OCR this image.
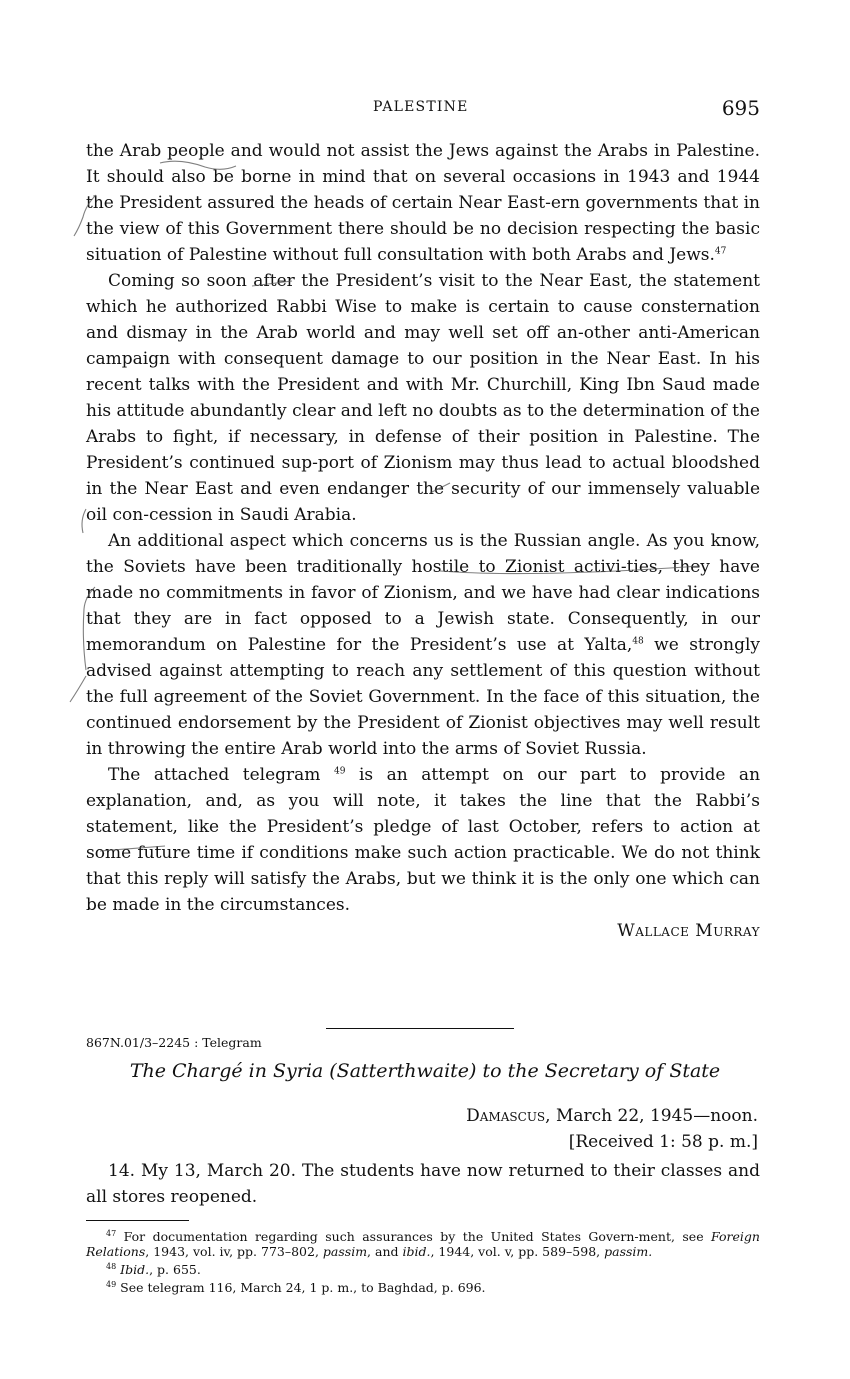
PALESTINE	695

the Arab people and would not assist the Jews against the Arabs in Palestine. It should also be borne in mind that on several occasions in 1943 and 1944 the President assured the heads of certain Near East-ern governments that in the view of this Government there should be no decision respecting the basic situation of Palestine without full consultation with both Arabs and Jews.$^{47}$

Coming so soon after the President’s visit to the Near East, the statement which he authorized Rabbi Wise to make is certain to cause consternation and dismay in the Arab world and may well set off an-other anti-American campaign with consequent damage to our position in the Near East. In his recent talks with the President and with Mr. Churchill, King Ibn Saud made his attitude abundantly clear and left no doubts as to the determination of the Arabs to fight, if necessary, in defense of their position in Palestine. The President’s continued sup-port of Zionism may thus lead to actual bloodshed in the Near East and even endanger the security of our immensely valuable oil con-cession in Saudi Arabia.

An additional aspect which concerns us is the Russian angle. As you know, the Soviets have been traditionally hostile to Zionist activi-ties, they have made no commitments in favor of Zionism, and we have had clear indications that they are in fact opposed to a Jewish state. Consequently, in our memorandum on Palestine for the President’s use at Yalta,$^{48}$ we strongly advised against attempting to reach any settlement of this question without the full agreement of the Soviet Government. In the face of this situation, the continued endorsement by the President of Zionist objectives may well result in throwing the entire Arab world into the arms of Soviet Russia.

The attached telegram $^{49}$ is an attempt on our part to provide an explanation, and, as you will note, it takes the line that the Rabbi’s statement, like the President’s pledge of last October, refers to action at some future time if conditions make such action practicable. We do not think that this reply will satisfy the Arabs, but we think it is the only one which can be made in the circumstances.

Wallace Murray

867N.01/3–2245 : Telegram
The Chargé in Syria (Satterthwaite) to the Secretary of State
Damascus, March 22, 1945—noon.
[Received 1: 58 p. m.]

14. My 13, March 20. The students have now returned to their classes and all stores reopened.

$^{47}$ For documentation regarding such assurances by the United States Govern-ment, see Foreign Relations, 1943, vol. iv, pp. 773–802, passim, and ibid., 1944, vol. v, pp. 589–598, passim.

$^{48}$ Ibid., p. 655.

$^{49}$ See telegram 116, March 24, 1 p. m., to Baghdad, p. 696.
